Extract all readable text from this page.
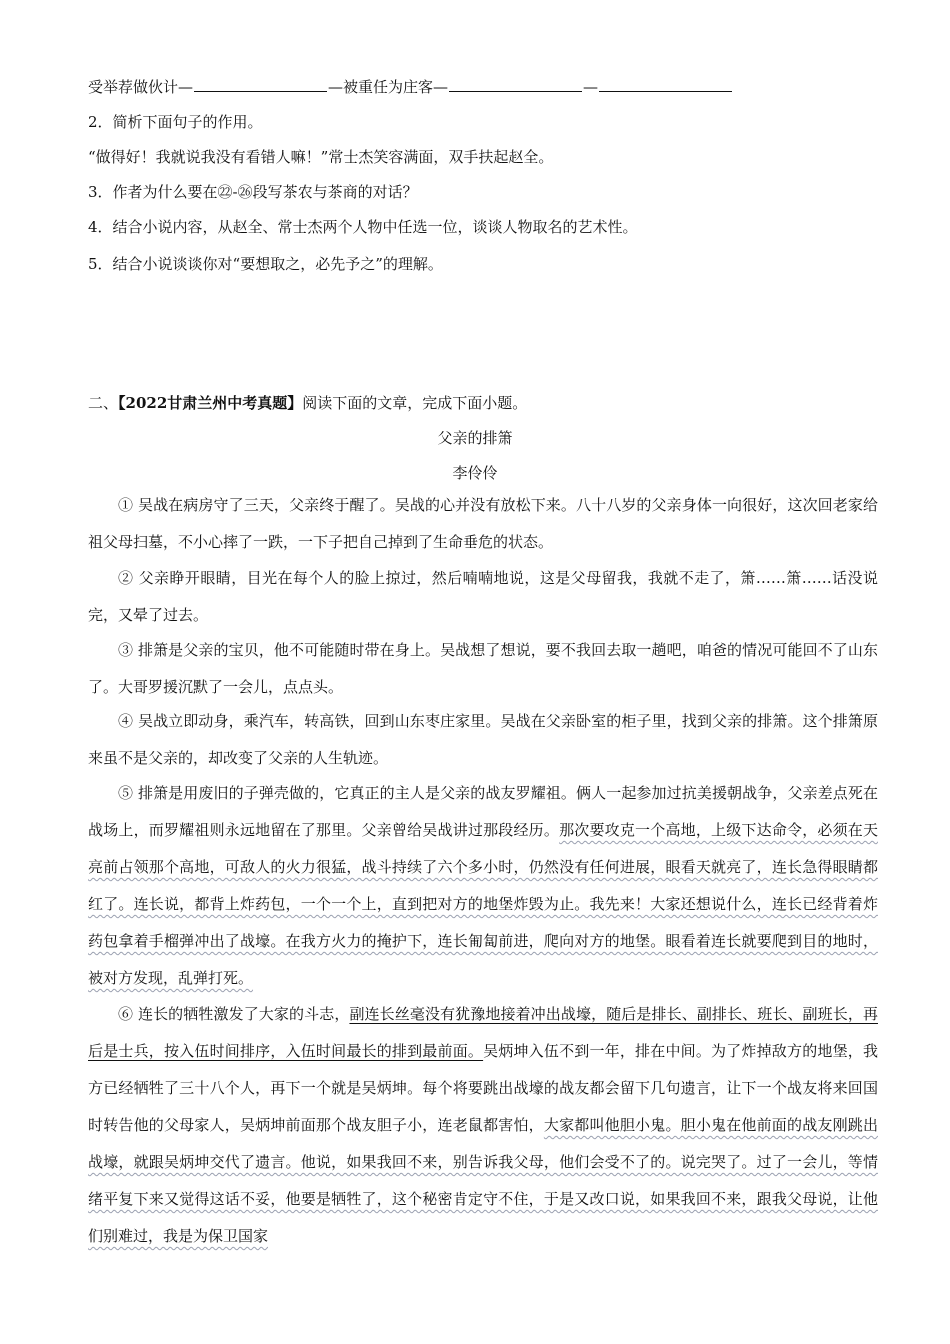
受举荐做伙计—	—被重任为庄客—	—
2．简析下面句子的作用。
“做得好！我就说我没有看错人嘛！”常士杰笑容满面，双手扶起赵全。
3．作者为什么要在㉒-㉖段写茶农与茶商的对话？
4．结合小说内容，从赵全、常士杰两个人物中任选一位，谈谈人物取名的艺术性。
5．结合小说谈谈你对“要想取之，必先予之”的理解。
二、【2022甘肃兰州中考真题】阅读下面的文章，完成下面小题。
父亲的排箫
李伶伶
① 吴战在病房守了三天，父亲终于醒了。吴战的心并没有放松下来。八十八岁的父亲身体一向很好，这次回老家给祖父母扫墓，不小心摔了一跌，一下子把自己掉到了生命垂危的状态。
② 父亲睁开眼睛，目光在每个人的脸上掠过，然后喃喃地说，这是父母留我，我就不走了，箫……箫……话没说完，又晕了过去。
③ 排箫是父亲的宝贝，他不可能随时带在身上。吴战想了想说，要不我回去取一趟吧，咱爸的情况可能回不了山东了。大哥罗援沉默了一会儿，点点头。
④ 吴战立即动身，乘汽车，转高铁，回到山东枣庄家里。吴战在父亲卧室的柜子里，找到父亲的排箫。这个排箫原来虽不是父亲的，却改变了父亲的人生轨迹。
⑤ 排箫是用废旧的子弹壳做的，它真正的主人是父亲的战友罗耀祖。俩人一起参加过抗美援朝战争，父亲差点死在战场上，而罗耀祖则永远地留在了那里。父亲曾给吴战讲过那段经历。那次要攻克一个高地，上级下达命令，必须在天亮前占领那个高地，可敌人的火力很猛，战斗持续了六个多小时，仍然没有任何进展，眼看天就亮了，连长急得眼睛都红了。连长说，都背上炸药包，一个一个上，直到把对方的地堡炸毁为止。我先来！大家还想说什么，连长已经背着炸药包拿着手榴弹冲出了战壕。在我方火力的掩护下，连长匍匐前进，爬向对方的地堡。眼看着连长就要爬到目的地时，被对方发现，乱弹打死。
⑥ 连长的牺牲激发了大家的斗志，副连长丝毫没有犹豫地接着冲出战壕，随后是排长、副排长、班长、副班长，再后是士兵，按入伍时间排序，入伍时间最长的排到最前面。吴炳坤入伍不到一年，排在中间。为了炸掉敌方的地堡，我方已经牺牲了三十八个人，再下一个就是吴炳坤。每个将要跳出战壕的战友都会留下几句遗言，让下一个战友将来回国时转告他的父母家人，吴炳坤前面那个战友胆子小，连老鼠都害怕，大家都叫他胆小鬼。胆小鬼在他前面的战友刚跳出战壕，就跟吴炳坤交代了遗言。他说，如果我回不来，别告诉我父母，他们会受不了的。说完哭了。过了一会儿，等情绪平复下来又觉得这话不妥，他要是牺牲了，这个秘密肯定守不住，于是又改口说，如果我回不来，跟我父母说，让他们别难过，我是为保卫国家
